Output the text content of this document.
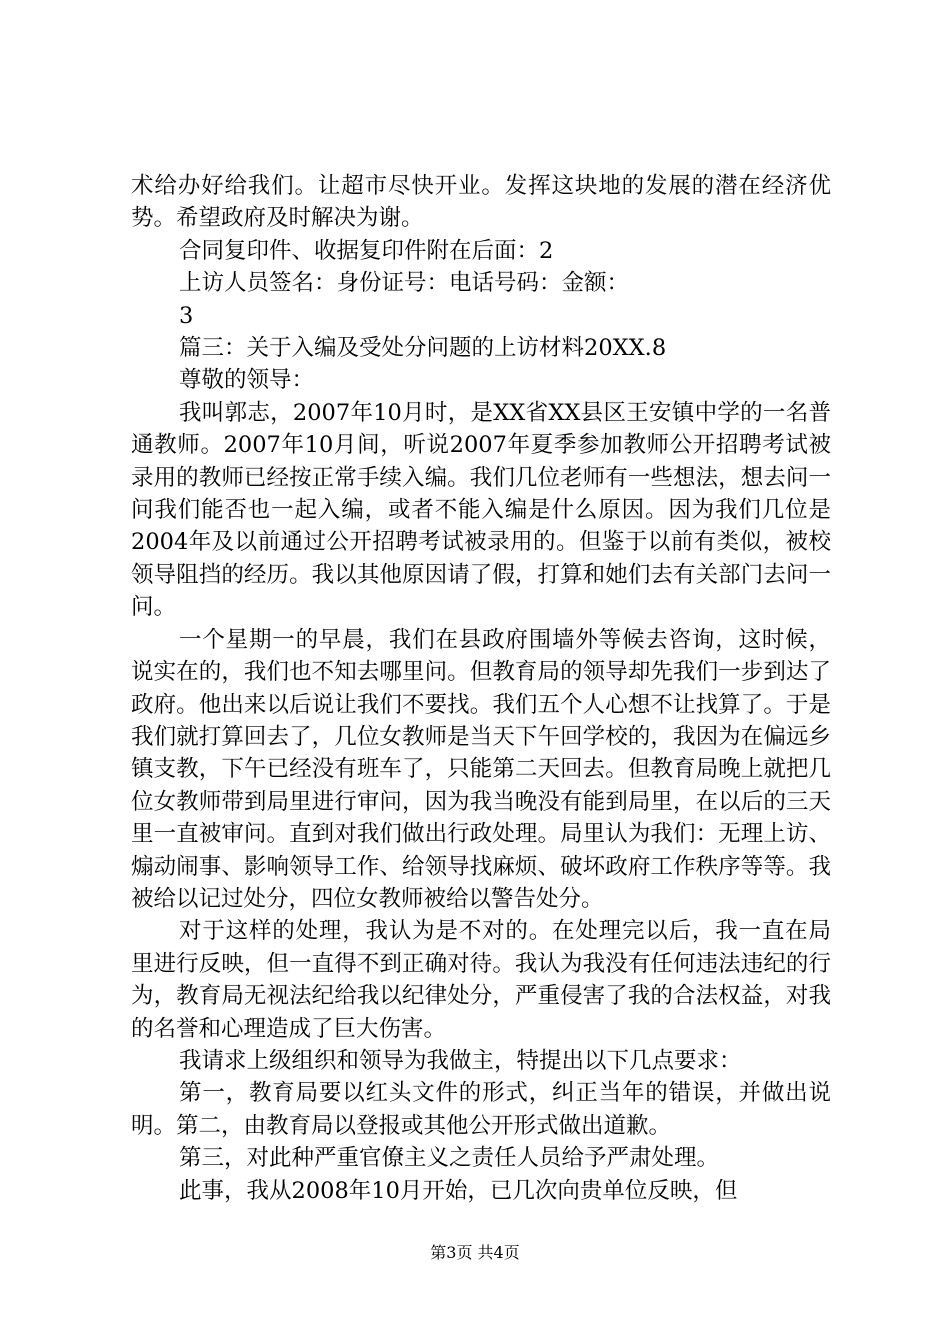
术给办好给我们。让超市尽快开业。发挥这块地的发展的潜在经济优势。希望政府及时解决为谢。

合同复印件、收据复印件附在后面：2

上访人员签名：身份证号：电话号码：金额：

3

篇三：关于入编及受处分问题的上访材料20XX.8

尊敬的领导：

我叫郭志，2007年10月时，是XX省XX县区王安镇中学的一名普通教师。2007年10月间，听说2007年夏季参加教师公开招聘考试被录用的教师已经按正常手续入编。我们几位老师有一些想法，想去问一问我们能否也一起入编，或者不能入编是什么原因。因为我们几位是2004年及以前通过公开招聘考试被录用的。但鉴于以前有类似，被校领导阻挡的经历。我以其他原因请了假，打算和她们去有关部门去问一问。

一个星期一的早晨，我们在县政府围墙外等候去咨询，这时候，说实在的，我们也不知去哪里问。但教育局的领导却先我们一步到达了政府。他出来以后说让我们不要找。我们五个人心想不让找算了。于是我们就打算回去了，几位女教师是当天下午回学校的，我因为在偏远乡镇支教，下午已经没有班车了，只能第二天回去。但教育局晚上就把几位女教师带到局里进行审问，因为我当晚没有能到局里，在以后的三天里一直被审问。直到对我们做出行政处理。局里认为我们：无理上访、煽动闹事、影响领导工作、给领导找麻烦、破坏政府工作秩序等等。我被给以记过处分，四位女教师被给以警告处分。

对于这样的处理，我认为是不对的。在处理完以后，我一直在局里进行反映，但一直得不到正确对待。我认为我没有任何违法违纪的行为，教育局无视法纪给我以纪律处分，严重侵害了我的合法权益，对我的名誉和心理造成了巨大伤害。

我请求上级组织和领导为我做主，特提出以下几点要求：

第一，教育局要以红头文件的形式，纠正当年的错误，并做出说明。第二，由教育局以登报或其他公开形式做出道歉。

第三，对此种严重官僚主义之责任人员给予严肃处理。

此事，我从2008年10月开始，已几次向贵单位反映，但

第3页 共4页
